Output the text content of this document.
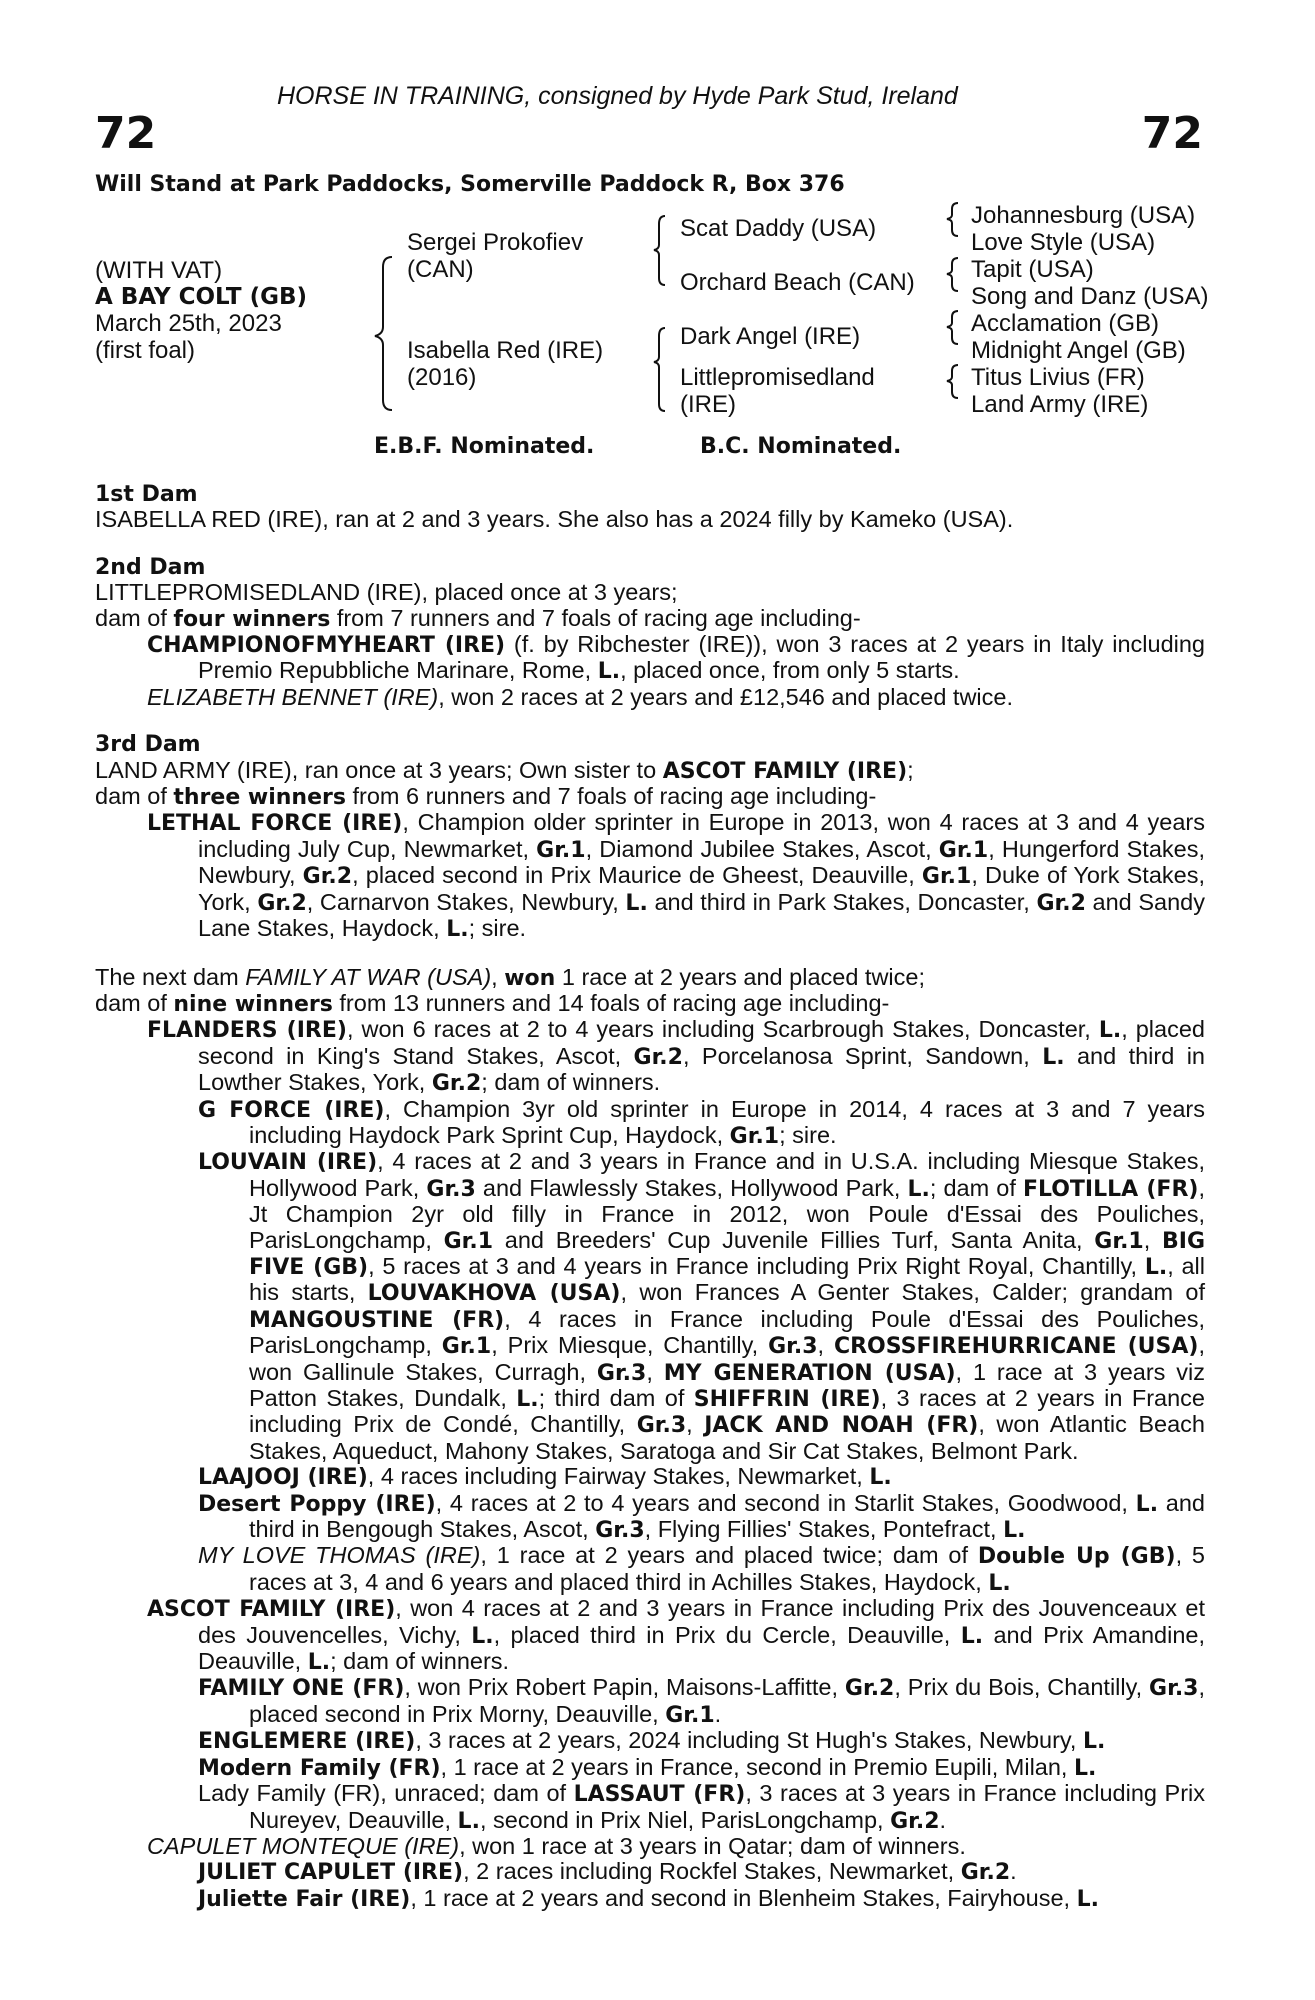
HORSE IN TRAINING, consigned by Hyde Park Stud, Ireland
72	72
Will Stand at Park Paddocks, Somerville Paddock R, Box 376
(WITH VAT)
A BAY COLT (GB)
March 25th, 2023
(first foal)
Sergei Prokofiev
(CAN)
Isabella Red (IRE)
(2016)
Scat Daddy (USA)
Orchard Beach (CAN)
Dark Angel (IRE)
Littlepromisedland
(IRE)
Johannesburg (USA)
Love Style (USA)
Tapit (USA)
Song and Danz (USA)
Acclamation (GB)
Midnight Angel (GB)
Titus Livius (FR)
Land Army (IRE)
E.B.F. Nominated.	B.C. Nominated.

1st Dam

ISABELLA RED (IRE), ran at 2 and 3 years. She also has a 2024 filly by Kameko (USA).

2nd Dam

LITTLEPROMISEDLAND (IRE), placed once at 3 years;
dam of four winners from 7 runners and 7 foals of racing age including-

CHAMPIONOFMYHEART (IRE) (f. by Ribchester (IRE)), won 3 races at 2 years in Italy including Premio Repubbliche Marinare, Rome, L., placed once, from only 5 starts.

ELIZABETH BENNET (IRE), won 2 races at 2 years and £12,546 and placed twice.

3rd Dam

LAND ARMY (IRE), ran once at 3 years; Own sister to ASCOT FAMILY (IRE);
dam of three winners from 6 runners and 7 foals of racing age including-

LETHAL FORCE (IRE), Champion older sprinter in Europe in 2013, won 4 races at 3 and 4 years including July Cup, Newmarket, Gr.1, Diamond Jubilee Stakes, Ascot, Gr.1, Hungerford Stakes, Newbury, Gr.2, placed second in Prix Maurice de Gheest, Deauville, Gr.1, Duke of York Stakes, York, Gr.2, Carnarvon Stakes, Newbury, L. and third in Park Stakes, Doncaster, Gr.2 and Sandy Lane Stakes, Haydock, L.; sire.

The next dam FAMILY AT WAR (USA), won 1 race at 2 years and placed twice;
dam of nine winners from 13 runners and 14 foals of racing age including-

FLANDERS (IRE), won 6 races at 2 to 4 years including Scarbrough Stakes, Doncaster, L., placed second in King's Stand Stakes, Ascot, Gr.2, Porcelanosa Sprint, Sandown, L. and third in Lowther Stakes, York, Gr.2; dam of winners.

G FORCE (IRE), Champion 3yr old sprinter in Europe in 2014, 4 races at 3 and 7 years including Haydock Park Sprint Cup, Haydock, Gr.1; sire.

LOUVAIN (IRE), 4 races at 2 and 3 years in France and in U.S.A. including Miesque Stakes, Hollywood Park, Gr.3 and Flawlessly Stakes, Hollywood Park, L.; dam of FLOTILLA (FR), Jt Champion 2yr old filly in France in 2012, won Poule d'Essai des Pouliches, ParisLongchamp, Gr.1 and Breeders' Cup Juvenile Fillies Turf, Santa Anita, Gr.1, BIG FIVE (GB), 5 races at 3 and 4 years in France including Prix Right Royal, Chantilly, L., all his starts, LOUVAKHOVA (USA), won Frances A Genter Stakes, Calder; grandam of MANGOUSTINE (FR), 4 races in France including Poule d'Essai des Pouliches, ParisLongchamp, Gr.1, Prix Miesque, Chantilly, Gr.3, CROSSFIREHURRICANE (USA), won Gallinule Stakes, Curragh, Gr.3, MY GENERATION (USA), 1 race at 3 years viz Patton Stakes, Dundalk, L.; third dam of SHIFFRIN (IRE), 3 races at 2 years in France including Prix de Condé, Chantilly, Gr.3, JACK AND NOAH (FR), won Atlantic Beach Stakes, Aqueduct, Mahony Stakes, Saratoga and Sir Cat Stakes, Belmont Park.

LAAJOOJ (IRE), 4 races including Fairway Stakes, Newmarket, L.

Desert Poppy (IRE), 4 races at 2 to 4 years and second in Starlit Stakes, Goodwood, L. and third in Bengough Stakes, Ascot, Gr.3, Flying Fillies' Stakes, Pontefract, L.

MY LOVE THOMAS (IRE), 1 race at 2 years and placed twice; dam of Double Up (GB), 5 races at 3, 4 and 6 years and placed third in Achilles Stakes, Haydock, L.

ASCOT FAMILY (IRE), won 4 races at 2 and 3 years in France including Prix des Jouvenceaux et des Jouvencelles, Vichy, L., placed third in Prix du Cercle, Deauville, L. and Prix Amandine, Deauville, L.; dam of winners.

FAMILY ONE (FR), won Prix Robert Papin, Maisons-Laffitte, Gr.2, Prix du Bois, Chantilly, Gr.3, placed second in Prix Morny, Deauville, Gr.1.

ENGLEMERE (IRE), 3 races at 2 years, 2024 including St Hugh's Stakes, Newbury, L.

Modern Family (FR), 1 race at 2 years in France, second in Premio Eupili, Milan, L.

Lady Family (FR), unraced; dam of LASSAUT (FR), 3 races at 3 years in France including Prix Nureyev, Deauville, L., second in Prix Niel, ParisLongchamp, Gr.2.

CAPULET MONTEQUE (IRE), won 1 race at 3 years in Qatar; dam of winners.

JULIET CAPULET (IRE), 2 races including Rockfel Stakes, Newmarket, Gr.2.

Juliette Fair (IRE), 1 race at 2 years and second in Blenheim Stakes, Fairyhouse, L.
